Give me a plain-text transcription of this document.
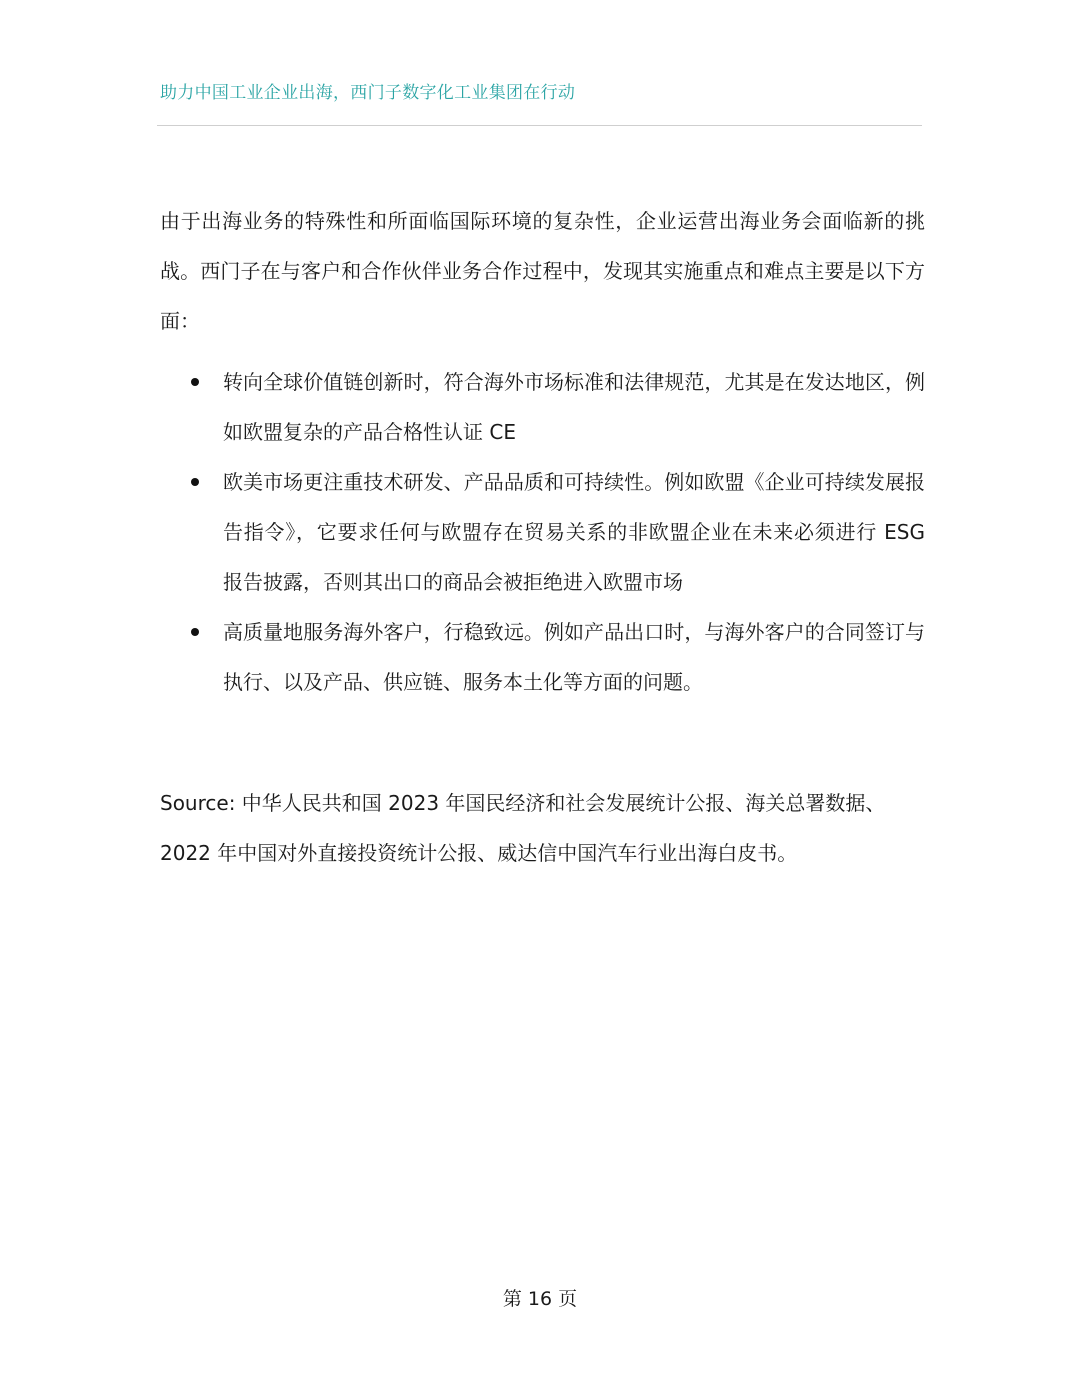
助力中国工业企业出海，西门子数字化工业集团在行动

由于出海业务的特殊性和所面临国际环境的复杂性，企业运营出海业务会面临新的挑战。西门子在与客户和合作伙伴业务合作过程中，发现其实施重点和难点主要是以下方面：

转向全球价值链创新时，符合海外市场标准和法律规范，尤其是在发达地区，例如欧盟复杂的产品合格性认证 CE
欧美市场更注重技术研发、产品品质和可持续性。例如欧盟《企业可持续发展报告指令》，它要求任何与欧盟存在贸易关系的非欧盟企业在未来必须进行 ESG 报告披露，否则其出口的商品会被拒绝进入欧盟市场
高质量地服务海外客户，行稳致远。例如产品出口时，与海外客户的合同签订与执行、以及产品、供应链、服务本土化等方面的问题。

Source: 中华人民共和国 2023 年国民经济和社会发展统计公报、海关总署数据、2022 年中国对外直接投资统计公报、威达信中国汽车行业出海白皮书。

第 16 页
